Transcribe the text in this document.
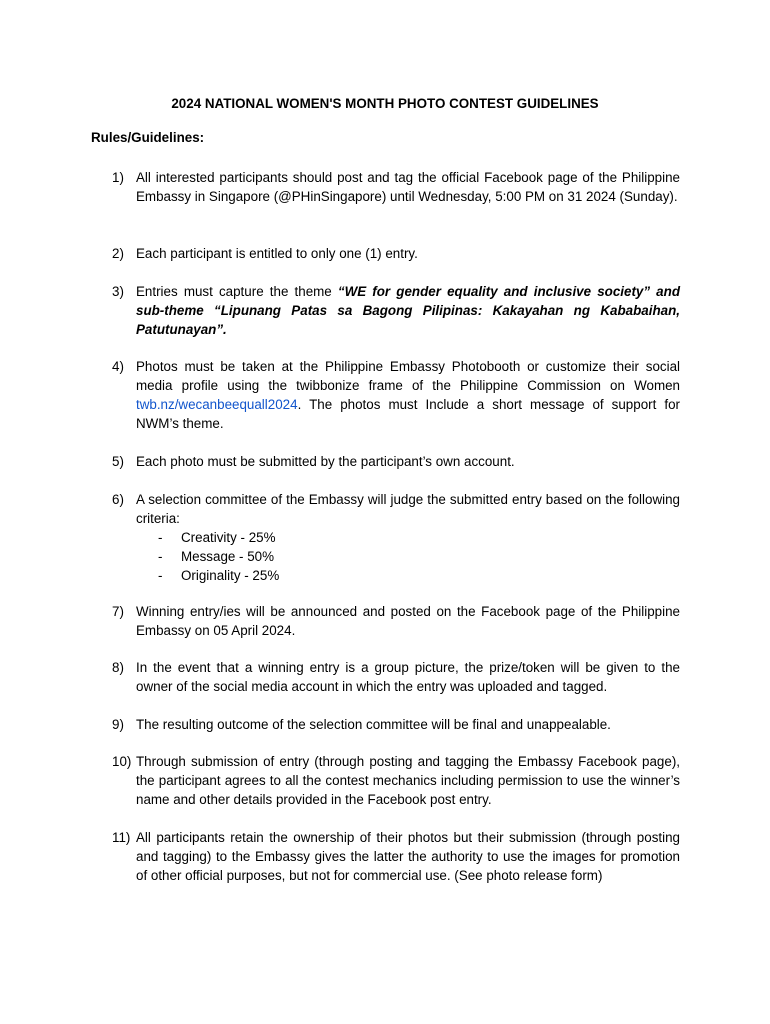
2024 NATIONAL WOMEN'S MONTH PHOTO CONTEST GUIDELINES

Rules/Guidelines:

1) All interested participants should post and tag the official Facebook page of the Philippine Embassy in Singapore (@PHinSingapore) until Wednesday, 5:00 PM on 31 2024 (Sunday).
2) Each participant is entitled to only one (1) entry.
3) Entries must capture the theme “WE for gender equality and inclusive society” and sub-theme “Lipunang Patas sa Bagong Pilipinas: Kakayahan ng Kababaihan, Patutunayan”.
4) Photos must be taken at the Philippine Embassy Photobooth or customize their social media profile using the twibbonize frame of the Philippine Commission on Women twb.nz/wecanbeequall2024. The photos must Include a short message of support for NWM’s theme.
5) Each photo must be submitted by the participant’s own account.
6) A selection committee of the Embassy will judge the submitted entry based on the following criteria:
- Creativity - 25%
- Message - 50%
- Originality - 25%
7) Winning entry/ies will be announced and posted on the Facebook page of the Philippine Embassy on 05 April 2024.
8) In the event that a winning entry is a group picture, the prize/token will be given to the owner of the social media account in which the entry was uploaded and tagged.
9) The resulting outcome of the selection committee will be final and unappealable.
10) Through submission of entry (through posting and tagging the Embassy Facebook page), the participant agrees to all the contest mechanics including permission to use the winner’s name and other details provided in the Facebook post entry.
11) All participants retain the ownership of their photos but their submission (through posting and tagging) to the Embassy gives the latter the authority to use the images for promotion of other official purposes, but not for commercial use. (See photo release form)
